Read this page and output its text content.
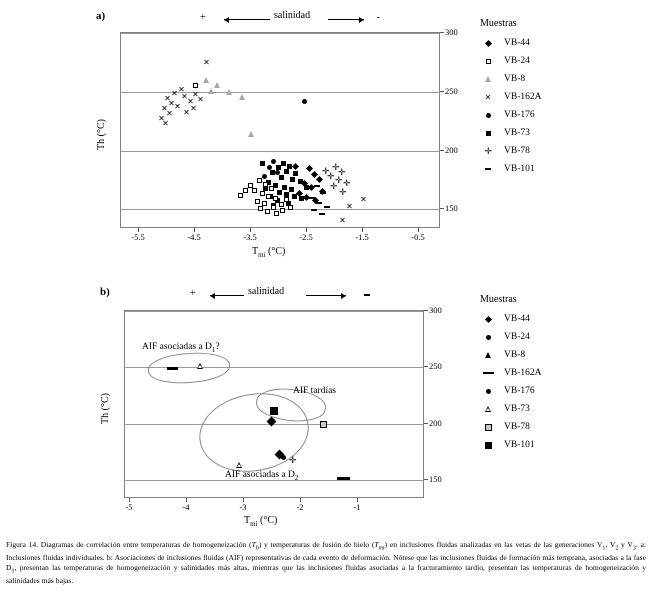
a)	+	-
salinidad
✕
✕
✕
✕
✕
✕
✕
✕
✕
✕
✕
✕
✕
✕
✕
✕
✕
✕
✕
✛
✛
✛ ✛ ✛
✛
✛
✛
300
250
200
150
-5.5	-4.5	-3.5	-2.5	-1.5	-0.5
$T_{mi}$ (°C)
Th (°C)
Muestras
VB-44
VB-24
VB-8
✕ VB-162A
VB-176
VB-73
✛ VB-78
VB-101
b)	+	salinidad
✛
AIF asociadas a $D_1$?
AIF tardías
AIF asociadas a $D_2$
300
250
200
150
-5	-4	-3	-2	-1
$T_{mi}$ (°C)
Th (°C)
Muestras
VB-44
VB-24
VB-8
VB-162A
VB-176
VB-73
VB-78
VB-101
Figura 14. Diagramas de correlación entre temperaturas de homogeneización $(T_h)$ y temperaturas de fusión de hielo $(T_{mi})$ en inclusiones fluidas analizadas en las vetas de las generaciones $V_1$, $V_2$ y $V_3$. a: Inclusiones fluidas individuales. b: Asociaciones de inclusiones fluidas (AIF) representativas de cada evento de deformación. Nótese que las inclusiones fluidas de formación más temprana, asociadas a la fase $D_1$, presentan las temperaturas de homogeneización y salinidades más altas, mientras que las inclusiones fluidas asociadas a la fracturamiento tardío, presentan las temperaturas de homogeneización y salinidades más bajas.
